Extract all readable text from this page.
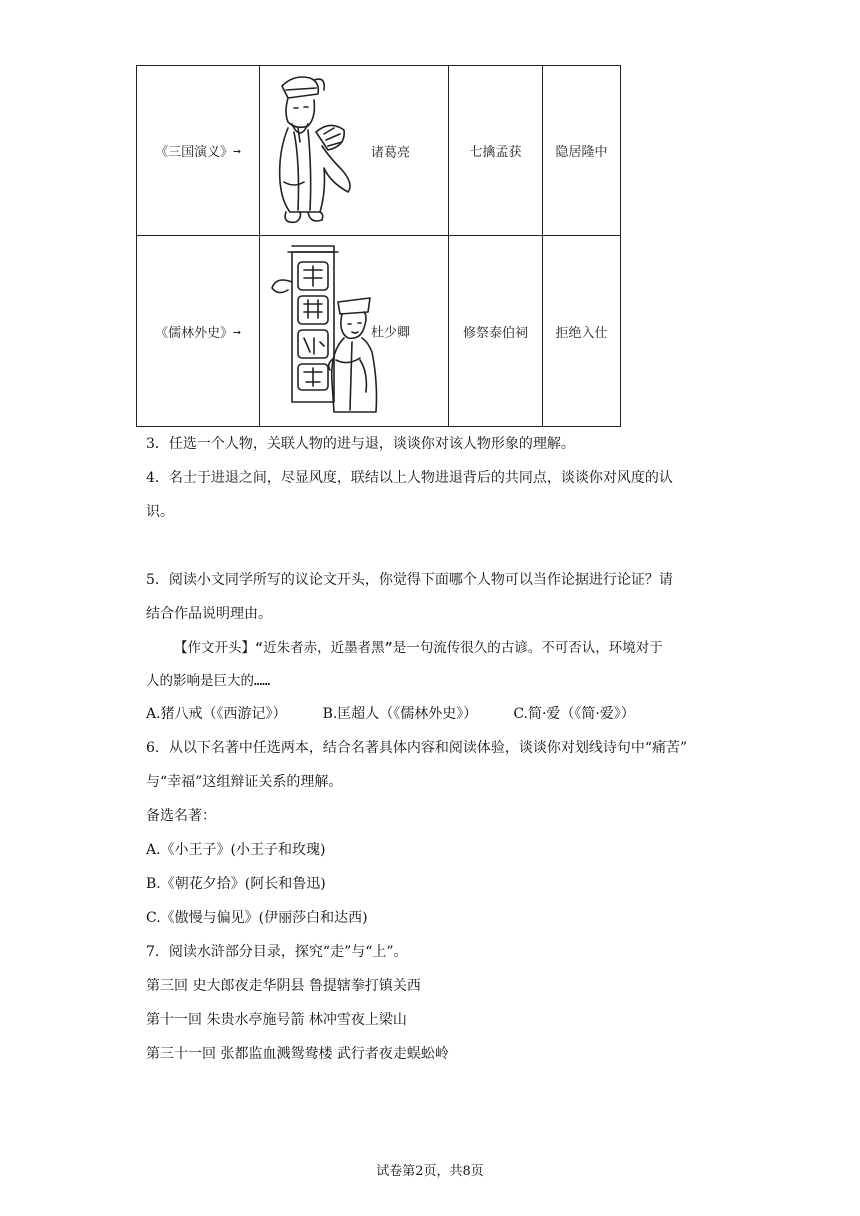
《三国演义》➞	诸葛亮	七擒孟获	隐居隆中
《儒林外史》➞	杜少卿	修祭泰伯祠	拒绝入仕
3．任选一个人物，关联人物的进与退，谈谈你对该人物形象的理解。
4．名士于进退之间，尽显风度，联结以上人物进退背后的共同点，谈谈你对风度的认
识。
5．阅读小文同学所写的议论文开头，你觉得下面哪个人物可以当作论据进行论证？请
结合作品说明理由。
【作文开头】“近朱者赤，近墨者黑”是一句流传很久的古谚。不可否认，环境对于
人的影响是巨大的……
A.猪八戒（《西游记》）	B.匡超人（《儒林外史》）	C.简·爱（《简·爱》）
6．从以下名著中任选两本，结合名著具体内容和阅读体验，谈谈你对划线诗句中“痛苦”
与“幸福”这组辩证关系的理解。
备选名著：
A.《小王子》(小王子和玫瑰)
B.《朝花夕拾》(阿长和鲁迅)
C.《傲慢与偏见》(伊丽莎白和达西)
7．阅读水浒部分目录，探究“走”与“上”。
第三回 史大郎夜走华阴县 鲁提辖拳打镇关西
第十一回 朱贵水亭施号箭 林冲雪夜上梁山
第三十一回 张都监血溅鸳鸯楼 武行者夜走蜈蚣岭
试卷第2页，共8页
